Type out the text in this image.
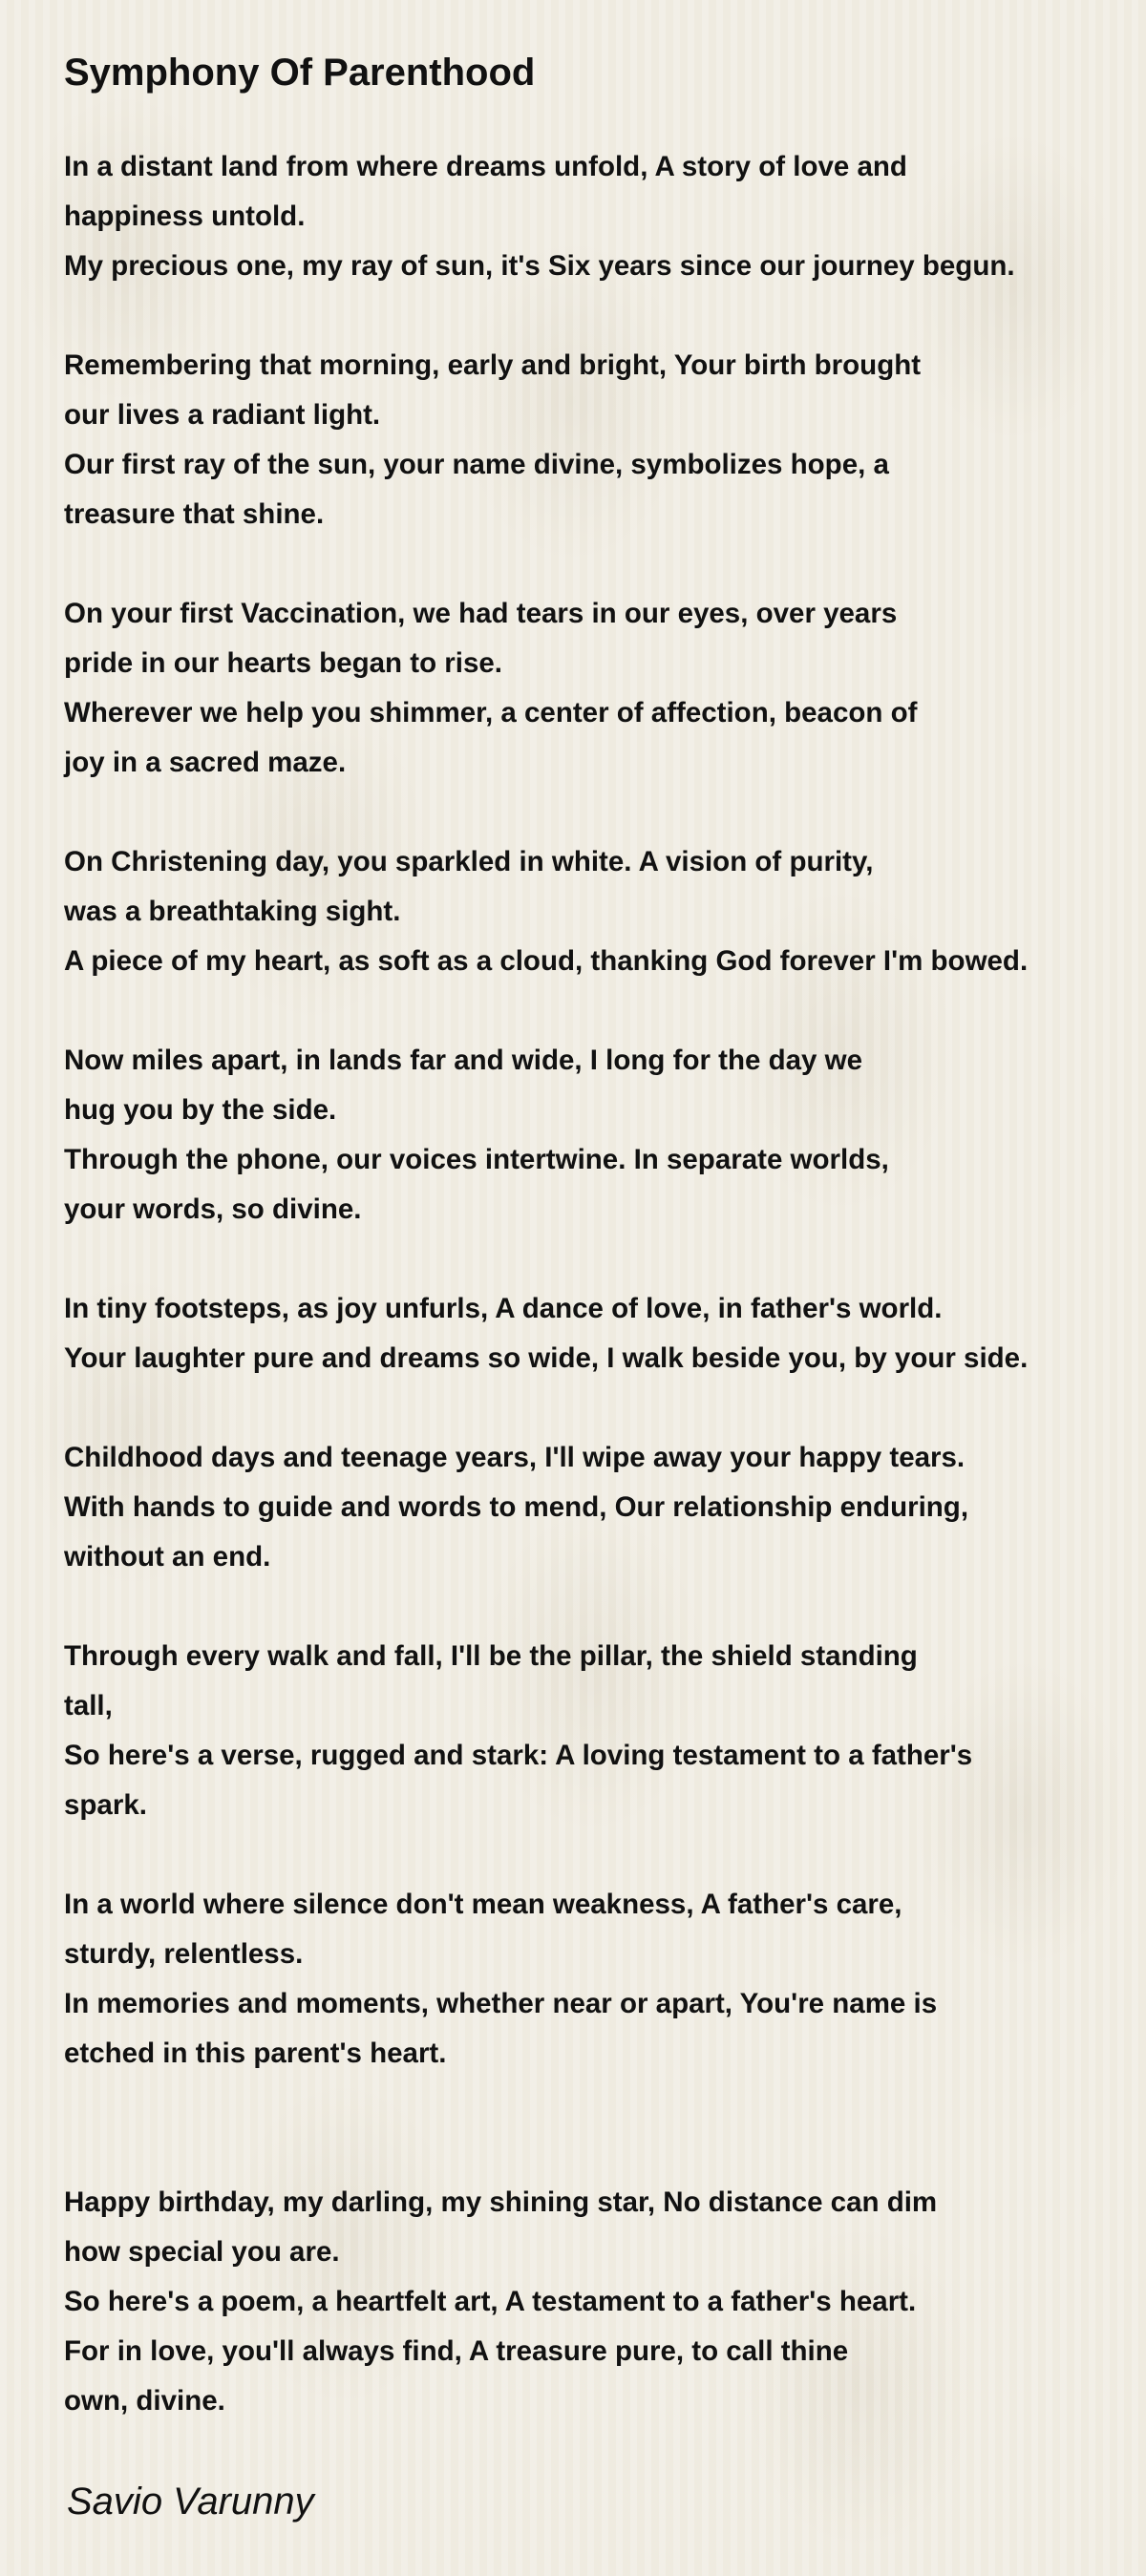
Symphony Of Parenthood
In a distant land from where dreams unfold, A story of love and
happiness untold.
My precious one, my ray of sun, it's Six years since our journey begun.
Remembering that morning, early and bright, Your birth brought
our lives a radiant light.
Our first ray of the sun, your name divine, symbolizes hope, a
treasure that shine.
On your first Vaccination, we had tears in our eyes, over years
pride in our hearts began to rise.
Wherever we help you shimmer, a center of affection, beacon of
joy in a sacred maze.
On Christening day, you sparkled in white. A vision of purity,
was a breathtaking sight.
A piece of my heart, as soft as a cloud, thanking God forever I'm bowed.
Now miles apart, in lands far and wide, I long for the day we
hug you by the side.
Through the phone, our voices intertwine. In separate worlds,
your words, so divine.
In tiny footsteps, as joy unfurls, A dance of love, in father's world.
Your laughter pure and dreams so wide, I walk beside you, by your side.
Childhood days and teenage years, I'll wipe away your happy tears.
With hands to guide and words to mend, Our relationship enduring,
without an end.
Through every walk and fall, I'll be the pillar, the shield standing
tall,
So here's a verse, rugged and stark: A loving testament to a father's
spark.
In a world where silence don't mean weakness, A father's care,
sturdy, relentless.
In memories and moments, whether near or apart, You're name is
etched in this parent's heart.
Happy birthday, my darling, my shining star, No distance can dim
how special you are.
So here's a poem, a heartfelt art, A testament to a father's heart.
For in love, you'll always find, A treasure pure, to call thine
own, divine.

Savio Varunny
